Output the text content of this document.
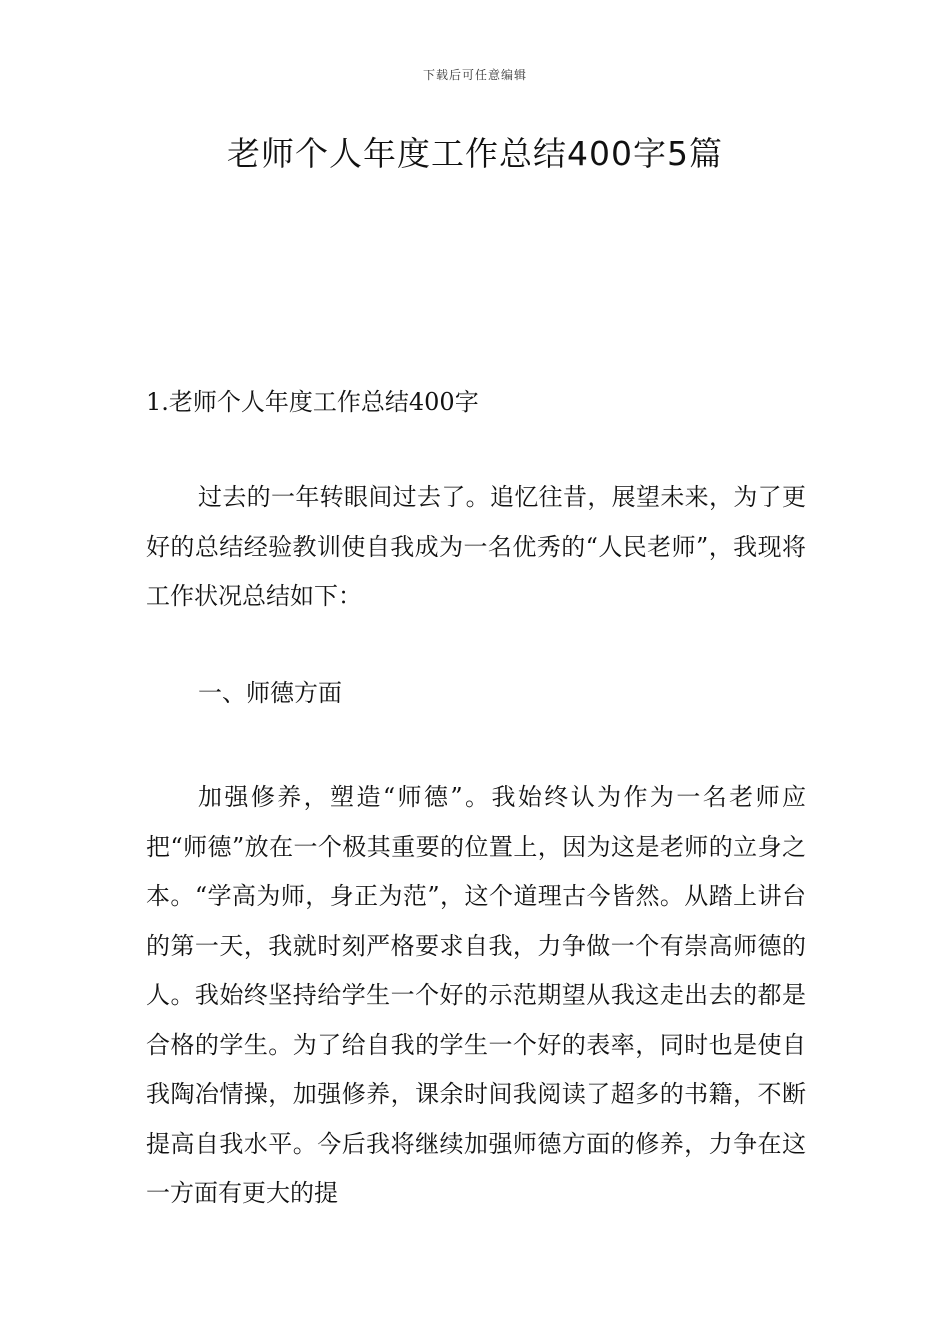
下载后可任意编辑
老师个人年度工作总结400字5篇
1.老师个人年度工作总结400字

过去的一年转眼间过去了。追忆往昔，展望未来，为了更好的总结经验教训使自我成为一名优秀的“人民老师”，我现将工作状况总结如下：

一、师德方面

加强修养，塑造“师德”。我始终认为作为一名老师应把“师德”放在一个极其重要的位置上，因为这是老师的立身之本。“学高为师，身正为范”，这个道理古今皆然。从踏上讲台的第一天，我就时刻严格要求自我，力争做一个有崇高师德的人。我始终坚持给学生一个好的示范期望从我这走出去的都是合格的学生。为了给自我的学生一个好的表率，同时也是使自我陶冶情操，加强修养，课余时间我阅读了超多的书籍，不断提高自我水平。今后我将继续加强师德方面的修养，力争在这一方面有更大的提
